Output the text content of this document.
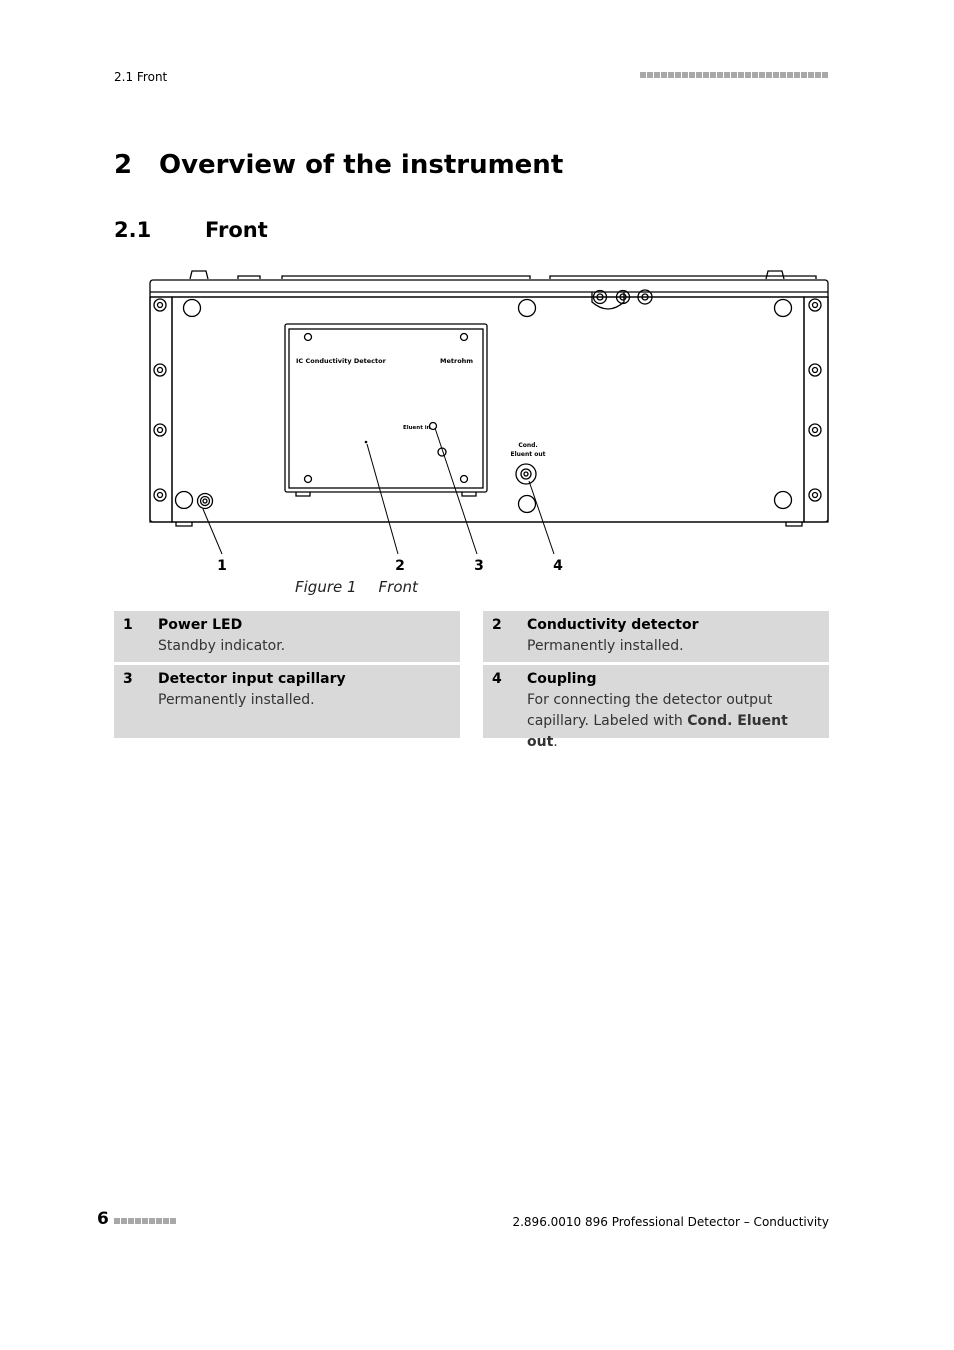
2.1 Front
2 Overview of the instrument
2.1	Front
IC Conductivity Detector	Metrohm
Eluent in
Cond.
Eluent out
1	2	3	4
Figure 1 Front
1	Power LED
Standby indicator.
2	Conductivity detector
Permanently installed.
3	Detector input capillary
Permanently installed.
4	Coupling
For connecting the detector output capillary. Labeled with Cond. Eluent out.
6	2.896.0010 896 Professional Detector – Conductivity
